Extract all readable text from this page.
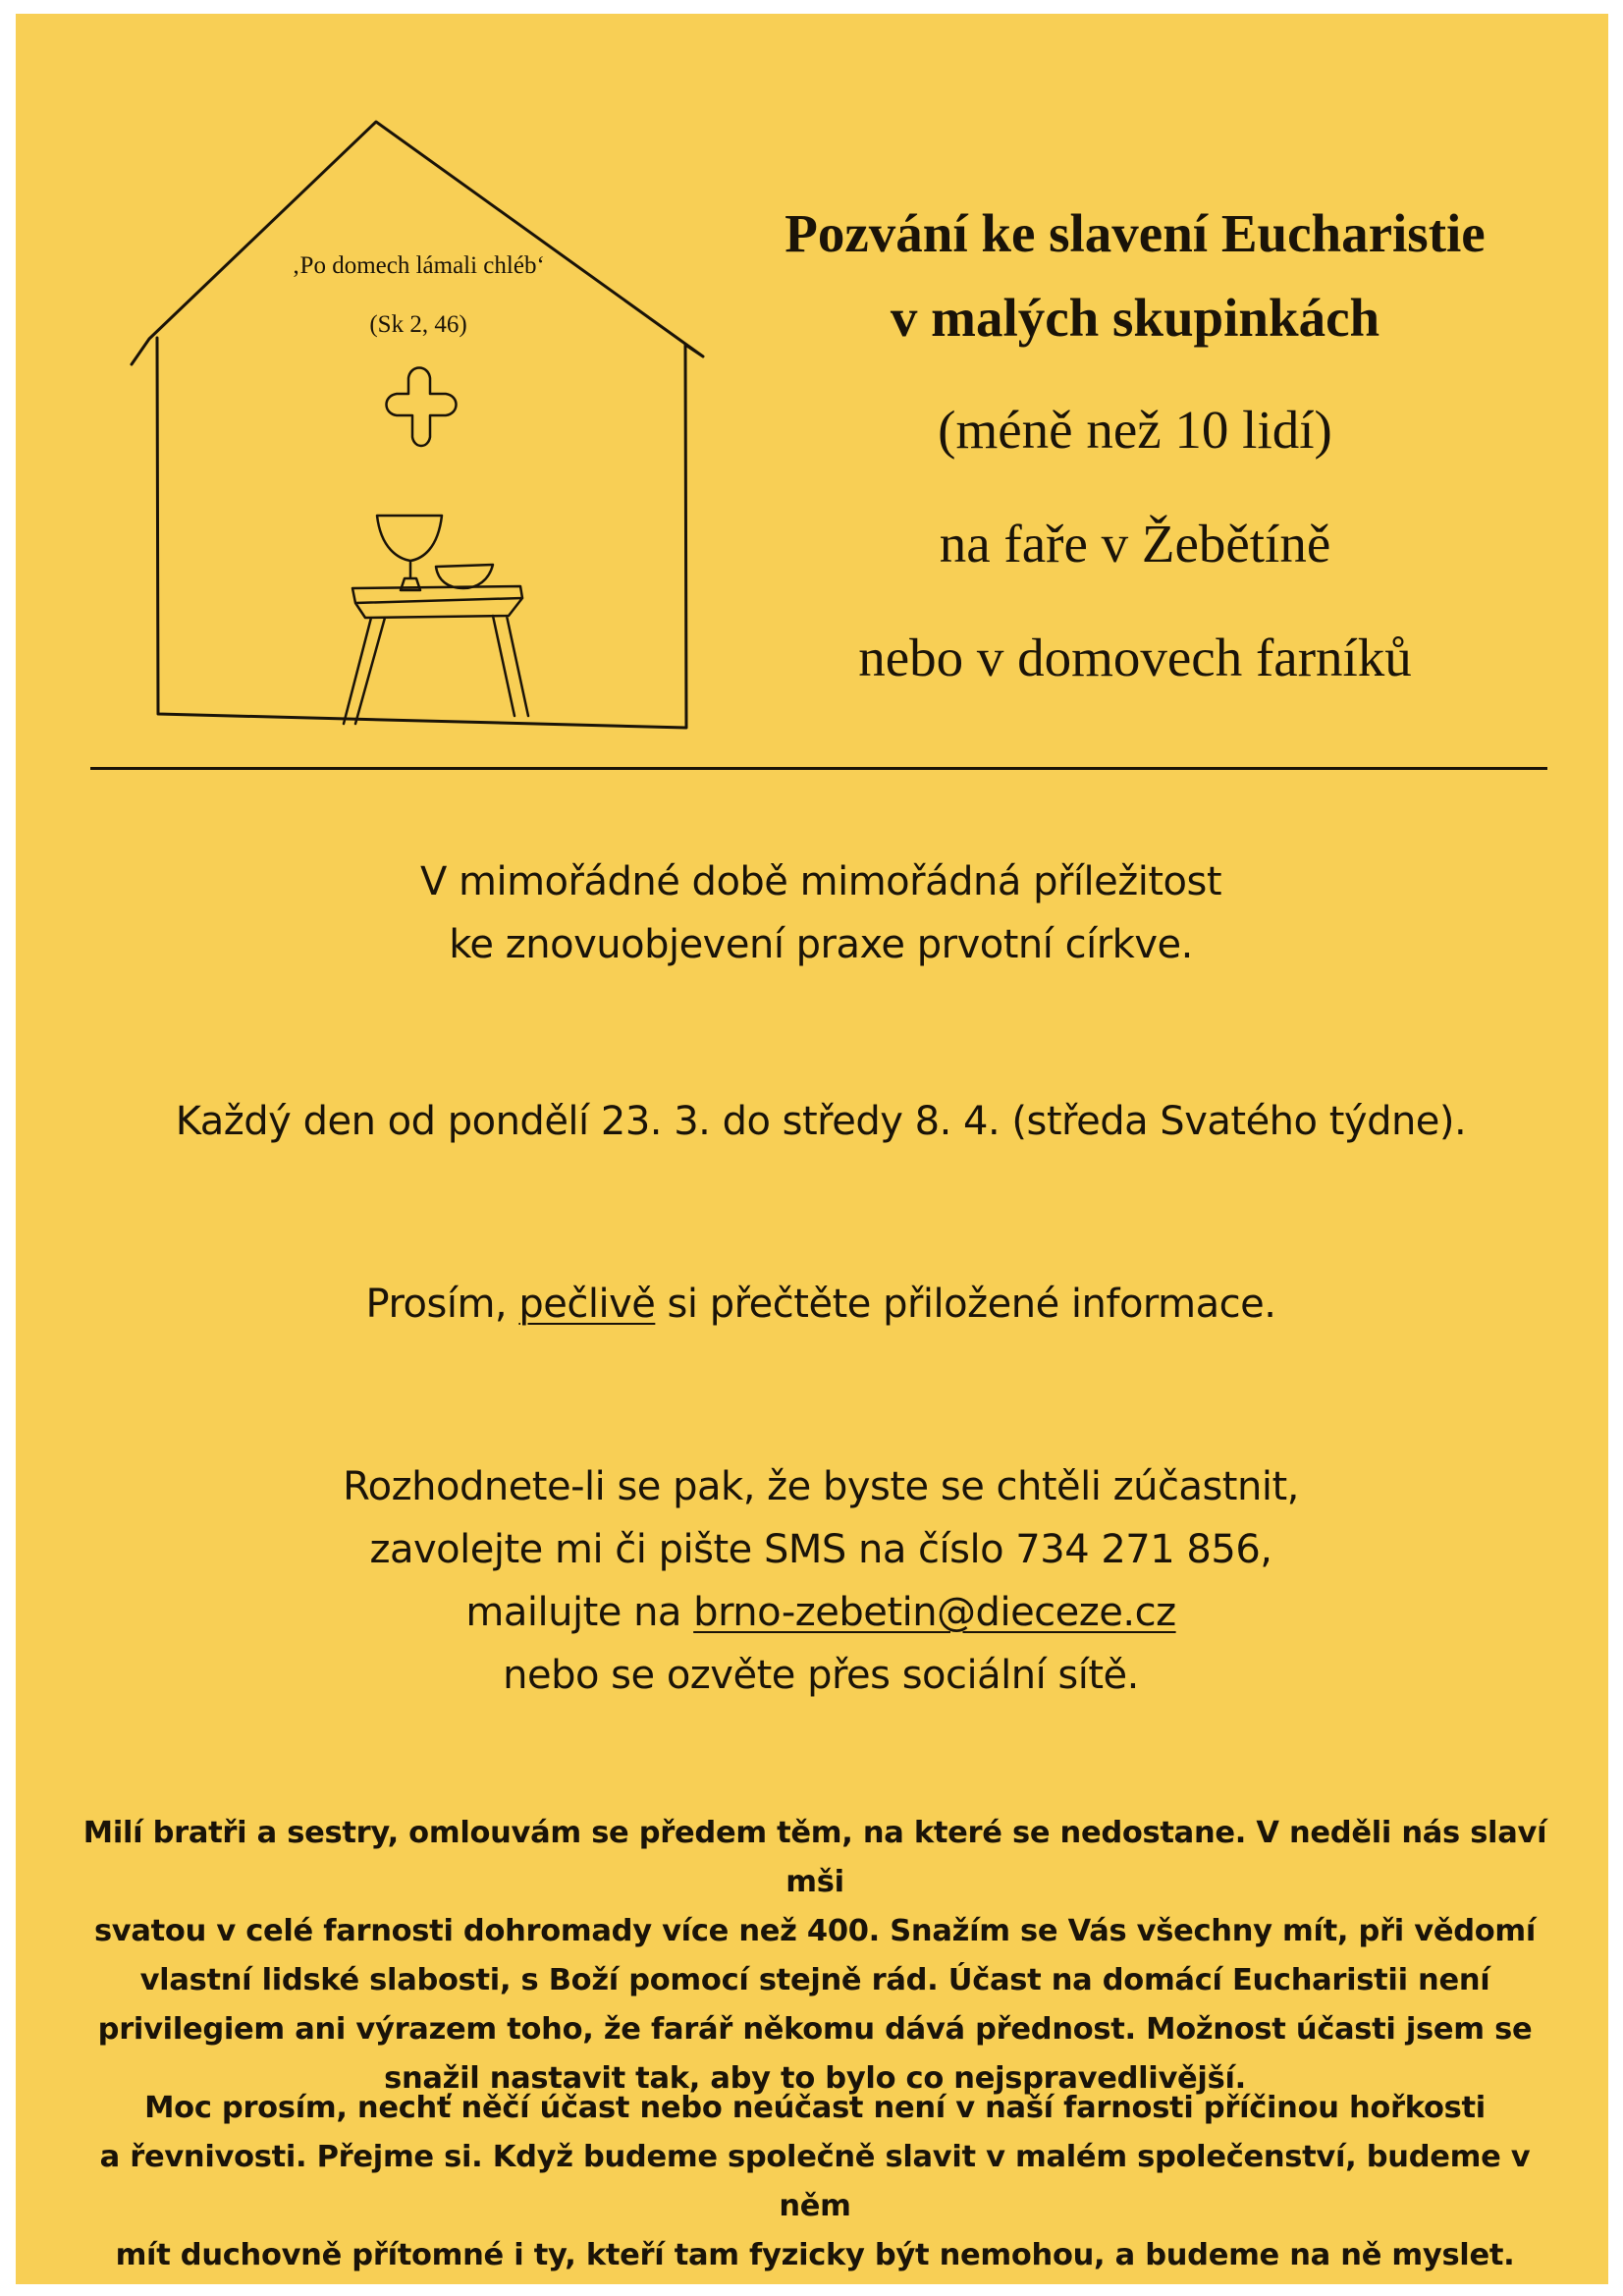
‚Po domech lámali chléb‘
(Sk 2, 46)
Pozvání ke slavení Eucharistie
v malých skupinkách
(méně než 10 lidí)
na faře v Žebětíně
nebo v domovech farníků
V mimořádné době mimořádná příležitost
ke znovuobjevení praxe prvotní církve.
Každý den od pondělí 23. 3. do středy 8. 4. (středa Svatého týdne).
Prosím, pečlivě si přečtěte přiložené informace.
Rozhodnete-li se pak, že byste se chtěli zúčastnit,
zavolejte mi či pište SMS na číslo 734 271 856,
mailujte na brno-zebetin@dieceze.cz
nebo se ozvěte přes sociální sítě.
Milí bratři a sestry, omlouvám se předem těm, na které se nedostane. V neděli nás slaví mši
svatou v celé farnosti dohromady více než 400. Snažím se Vás všechny mít, při vědomí
vlastní lidské slabosti, s Boží pomocí stejně rád. Účast na domácí Eucharistii není
privilegiem ani výrazem toho, že farář někomu dává přednost. Možnost účasti jsem se
snažil nastavit tak, aby to bylo co nejspravedlivější.
Moc prosím, nechť něčí účast nebo neúčast není v naší farnosti příčinou hořkosti
a řevnivosti. Přejme si. Když budeme společně slavit v malém společenství, budeme v něm
mít duchovně přítomné i ty, kteří tam fyzicky být nemohou, a budeme na ně myslet.
